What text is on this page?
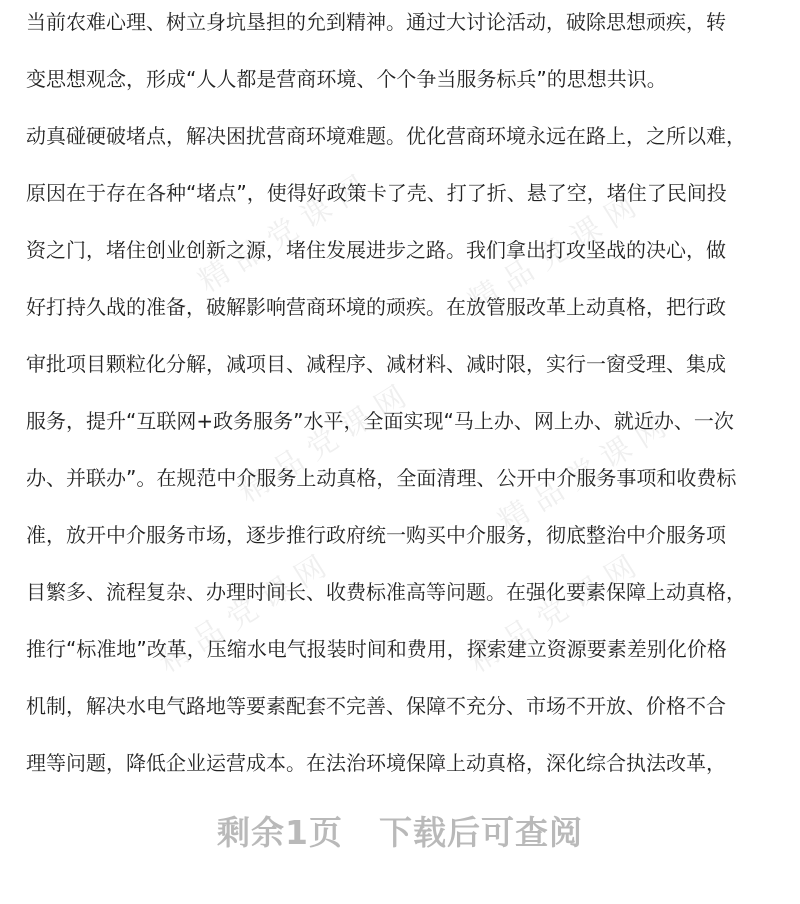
精品党课网	精品党课网
精品党课网 精品党课网
精品党课网	精品党课网
当前农难心理、树立身坑垦担的允到精神。通过大讨论活动，破除思想顽疾，转
变思想观念，形成“人人都是营商环境、个个争当服务标兵”的思想共识。
动真碰硬破堵点，解决困扰营商环境难题。优化营商环境永远在路上，之所以难，
原因在于存在各种“堵点”，使得好政策卡了壳、打了折、悬了空，堵住了民间投
资之门，堵住创业创新之源，堵住发展进步之路。我们拿出打攻坚战的决心，做
好打持久战的准备，破解影响营商环境的顽疾。在放管服改革上动真格，把行政
审批项目颗粒化分解，减项目、减程序、减材料、减时限，实行一窗受理、集成
服务，提升“互联网+政务服务”水平，全面实现“马上办、网上办、就近办、一次
办、并联办”。在规范中介服务上动真格，全面清理、公开中介服务事项和收费标
准，放开中介服务市场，逐步推行政府统一购买中介服务，彻底整治中介服务项
目繁多、流程复杂、办理时间长、收费标准高等问题。在强化要素保障上动真格，
推行“标准地”改革，压缩水电气报装时间和费用，探索建立资源要素差别化价格
机制，解决水电气路地等要素配套不完善、保障不充分、市场不开放、价格不合
理等问题，降低企业运营成本。在法治环境保障上动真格，深化综合执法改革，
剩余1页 下载后可查阅
